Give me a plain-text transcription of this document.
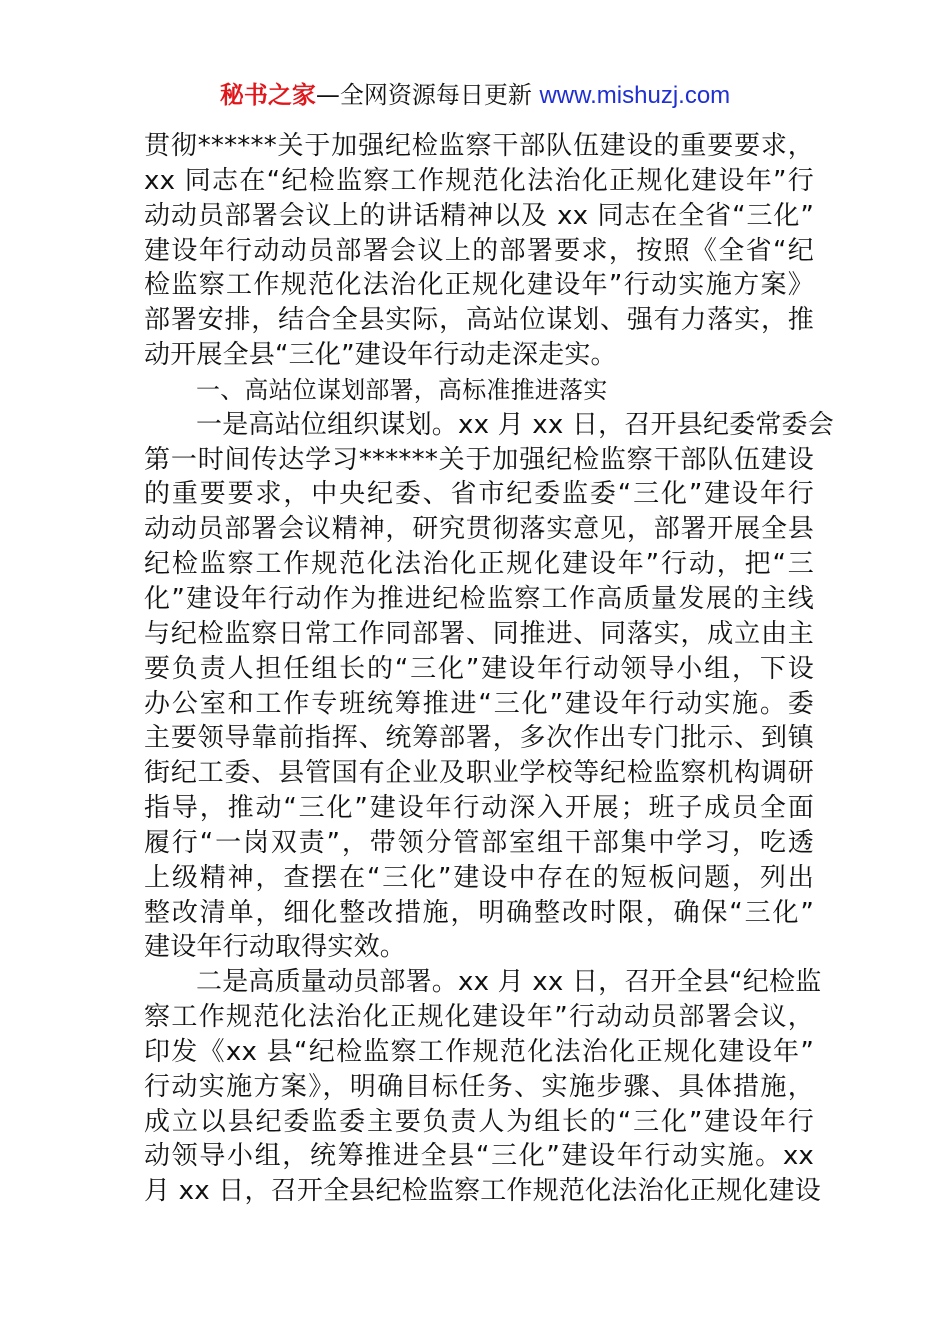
秘书之家—全网资源每日更新 www.mishuzj.com
贯彻******关于加强纪检监察干部队伍建设的重要要求，
xx 同志在“纪检监察工作规范化法治化正规化建设年”行
动动员部署会议上的讲话精神以及 xx 同志在全省“三化”
建设年行动动员部署会议上的部署要求，按照《全省“纪
检监察工作规范化法治化正规化建设年”行动实施方案》
部署安排，结合全县实际，高站位谋划、强有力落实，推
动开展全县“三化”建设年行动走深走实。
一、高站位谋划部署，高标准推进落实
一是高站位组织谋划。xx 月 xx 日，召开县纪委常委会
第一时间传达学习******关于加强纪检监察干部队伍建设
的重要要求，中央纪委、省市纪委监委“三化”建设年行
动动员部署会议精神，研究贯彻落实意见，部署开展全县
纪检监察工作规范化法治化正规化建设年”行动，把“三
化”建设年行动作为推进纪检监察工作高质量发展的主线
与纪检监察日常工作同部署、同推进、同落实，成立由主
要负责人担任组长的“三化”建设年行动领导小组，下设
办公室和工作专班统筹推进“三化”建设年行动实施。委
主要领导靠前指挥、统筹部署，多次作出专门批示、到镇
街纪工委、县管国有企业及职业学校等纪检监察机构调研
指导，推动“三化”建设年行动深入开展；班子成员全面
履行“一岗双责”，带领分管部室组干部集中学习，吃透
上级精神，查摆在“三化”建设中存在的短板问题，列出
整改清单，细化整改措施，明确整改时限，确保“三化”
建设年行动取得实效。
二是高质量动员部署。xx 月 xx 日，召开全县“纪检监
察工作规范化法治化正规化建设年”行动动员部署会议，
印发《xx 县“纪检监察工作规范化法治化正规化建设年”
行动实施方案》，明确目标任务、实施步骤、具体措施，
成立以县纪委监委主要负责人为组长的“三化”建设年行
动领导小组，统筹推进全县“三化”建设年行动实施。xx
月 xx 日，召开全县纪检监察工作规范化法治化正规化建设
